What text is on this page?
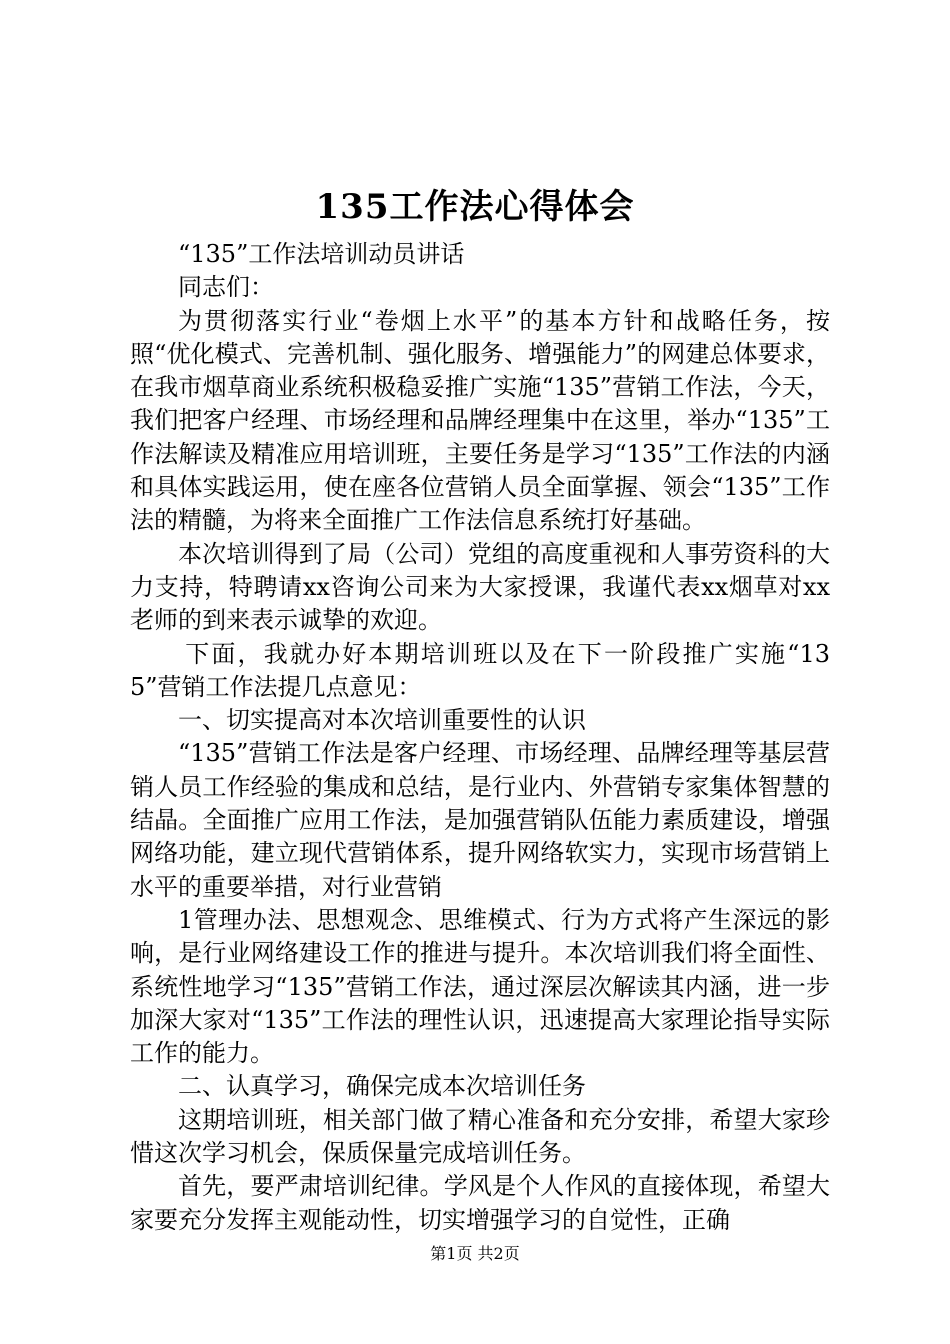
135工作法心得体会

“135”工作法培训动员讲话

同志们：

为贯彻落实行业“卷烟上水平”的基本方针和战略任务，按照“优化模式、完善机制、强化服务、增强能力”的网建总体要求，在我市烟草商业系统积极稳妥推广实施“135”营销工作法，今天，我们把客户经理、市场经理和品牌经理集中在这里，举办“135”工作法解读及精准应用培训班，主要任务是学习“135”工作法的内涵和具体实践运用，使在座各位营销人员全面掌握、领会“135”工作法的精髓，为将来全面推广工作法信息系统打好基础。

本次培训得到了局（公司）党组的高度重视和人事劳资科的大力支持，特聘请xx咨询公司来为大家授课，我谨代表xx烟草对xx老师的到来表示诚挚的欢迎。

下面，我就办好本期培训班以及在下一阶段推广实施“135”营销工作法提几点意见：

一、切实提高对本次培训重要性的认识

“135”营销工作法是客户经理、市场经理、品牌经理等基层营销人员工作经验的集成和总结，是行业内、外营销专家集体智慧的结晶。全面推广应用工作法，是加强营销队伍能力素质建设，增强网络功能，建立现代营销体系，提升网络软实力，实现市场营销上水平的重要举措，对行业营销

1管理办法、思想观念、思维模式、行为方式将产生深远的影响，是行业网络建设工作的推进与提升。本次培训我们将全面性、系统性地学习“135”营销工作法，通过深层次解读其内涵，进一步加深大家对“135”工作法的理性认识，迅速提高大家理论指导实际工作的能力。

二、认真学习，确保完成本次培训任务

这期培训班，相关部门做了精心准备和充分安排，希望大家珍惜这次学习机会，保质保量完成培训任务。

首先，要严肃培训纪律。学风是个人作风的直接体现，希望大家要充分发挥主观能动性，切实增强学习的自觉性，正确

第1页 共2页
